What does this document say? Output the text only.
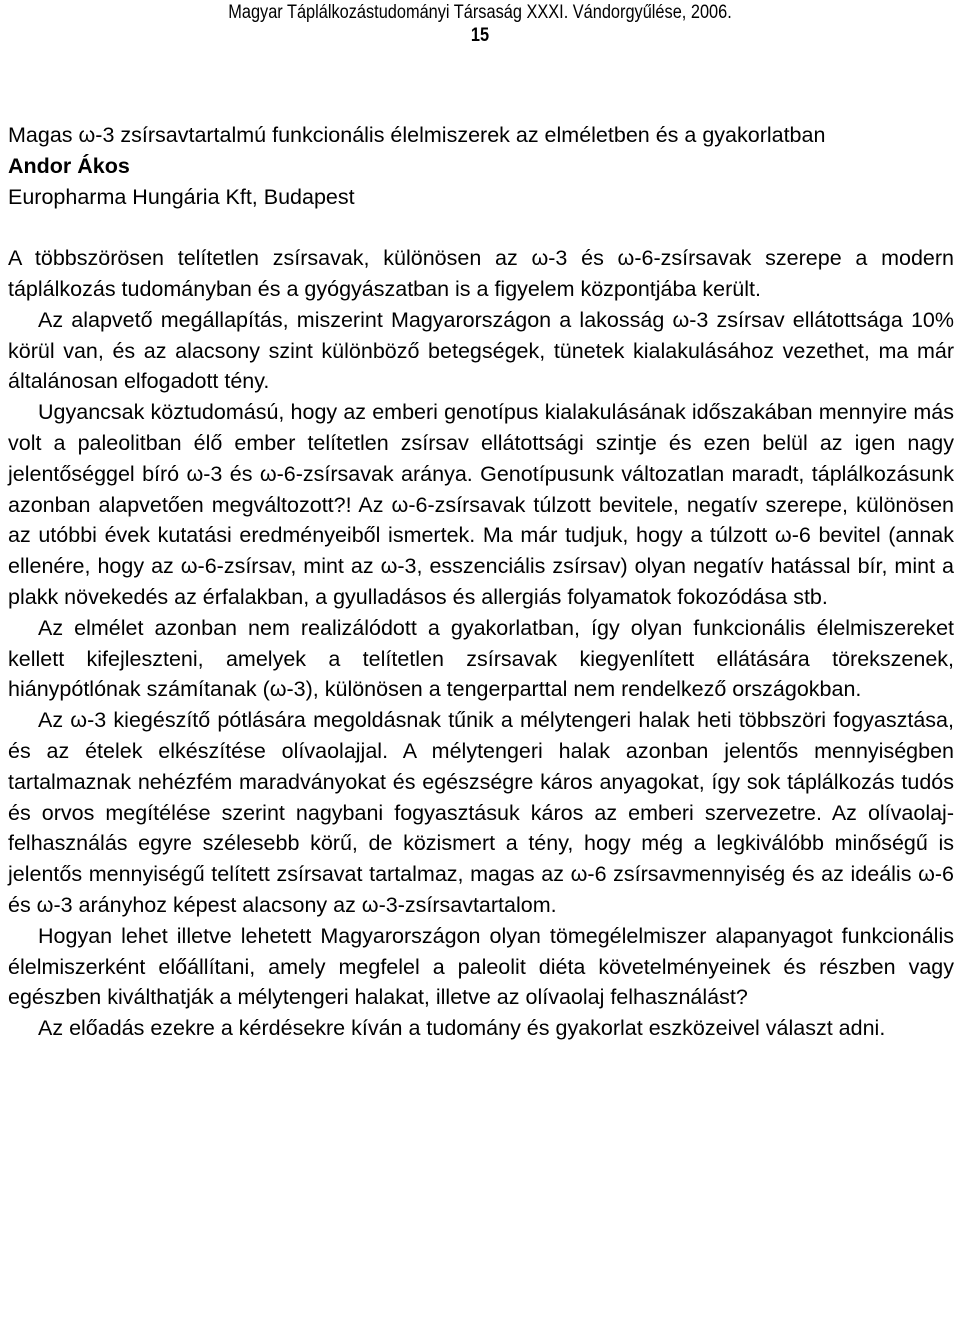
Magyar Táplálkozástudományi Társaság XXXI. Vándorgyűlése, 2006.
15

Magas ω-3 zsírsavtartalmú funkcionális élelmiszerek az elméletben és a gyakorlatban

Andor Ákos

Europharma Hungária Kft, Budapest

A többszörösen telítetlen zsírsavak, különösen az ω-3 és ω-6-zsírsavak szerepe a modern táplálkozás tudományban és a gyógyászatban is a figyelem központjába került.

Az alapvető megállapítás, miszerint Magyarországon a lakosság ω-3 zsírsav ellátottsága 10% körül van, és az alacsony szint különböző betegségek, tünetek kialakulásához vezethet, ma már általánosan elfogadott tény.

Ugyancsak köztudomású, hogy az emberi genotípus kialakulásának időszakában mennyire más volt a paleolitban élő ember telítetlen zsírsav ellátottsági szintje és ezen belül az igen nagy jelentőséggel bíró ω-3 és ω-6-zsírsavak aránya. Genotípusunk változatlan maradt, táplálkozásunk azonban alapvetően megváltozott?! Az ω-6-zsírsavak túlzott bevitele, negatív szerepe, különösen az utóbbi évek kutatási eredményeiből ismertek. Ma már tudjuk, hogy a túlzott ω-6 bevitel (annak ellenére, hogy az ω-6-zsírsav, mint az ω-3, esszenciális zsírsav) olyan negatív hatással bír, mint a plakk növekedés az érfalakban, a gyulladásos és allergiás folyamatok fokozódása stb.

Az elmélet azonban nem realizálódott a gyakorlatban, így olyan funkcionális élelmiszereket kellett kifejleszteni, amelyek a telítetlen zsírsavak kiegyenlített ellátására törekszenek, hiánypótlónak számítanak (ω-3), különösen a tengerparttal nem rendelkező országokban.

Az ω-3 kiegészítő pótlására megoldásnak tűnik a mélytengeri halak heti többszöri fogyasztása, és az ételek elkészítése olívaolajjal. A mélytengeri halak azonban jelentős mennyiségben tartalmaznak nehézfém maradványokat és egészségre káros anyagokat, így sok táplálkozás tudós és orvos megítélése szerint nagybani fogyasztásuk káros az emberi szervezetre. Az olívaolaj-felhasználás egyre szélesebb körű, de közismert a tény, hogy még a legkiválóbb minőségű is jelentős mennyiségű telített zsírsavat tartalmaz, magas az ω-6 zsírsavmennyiség és az ideális ω-6 és ω-3 arányhoz képest alacsony az ω-3-zsírsavtartalom.

Hogyan lehet illetve lehetett Magyarországon olyan tömegélelmiszer alapanyagot funkcionális élelmiszerként előállítani, amely megfelel a paleolit diéta követelményeinek és részben vagy egészben kiválthatják a mélytengeri halakat, illetve az olívaolaj felhasználást?

Az előadás ezekre a kérdésekre kíván a tudomány és gyakorlat eszközeivel választ adni.
